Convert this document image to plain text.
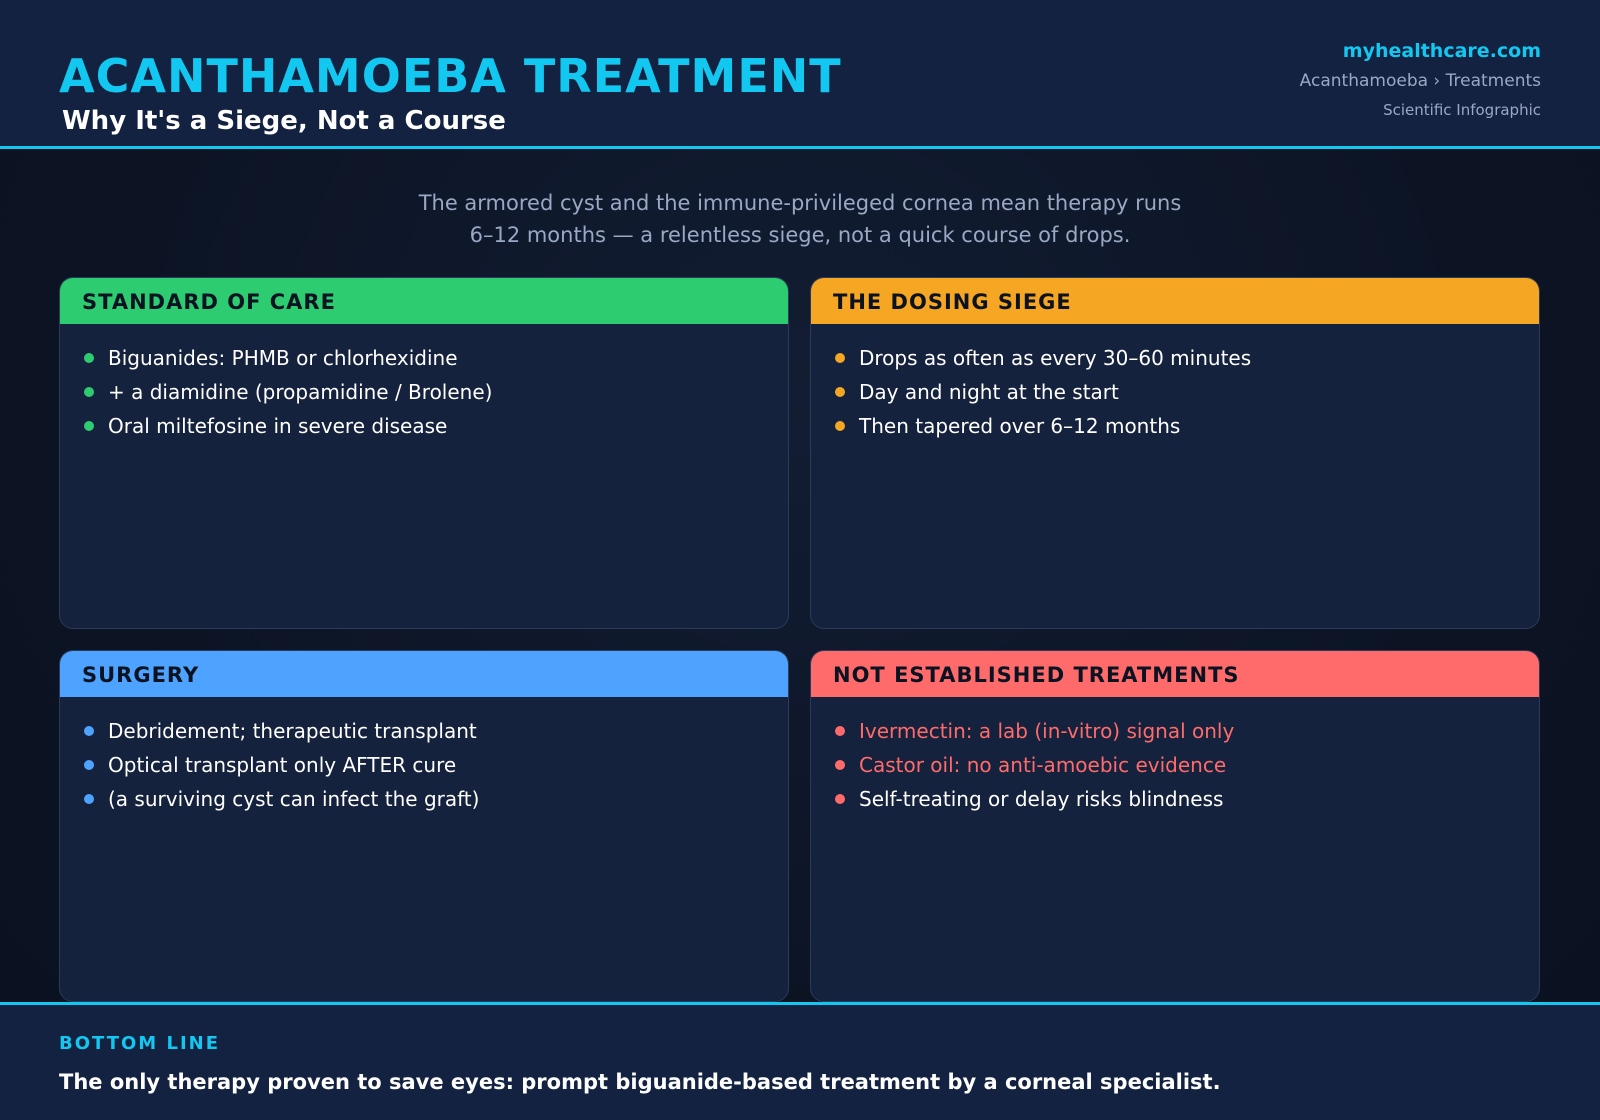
ACANTHAMOEBA TREATMENT
Why It's a Siege, Not a Course
myhealthcare.com
Acanthamoeba › Treatments
Scientific Infographic
The armored cyst and the immune-privileged cornea mean therapy runs
6–12 months — a relentless siege, not a quick course of drops.
STANDARD OF CARE
Biguanides: PHMB or chlorhexidine
+ a diamidine (propamidine / Brolene)
Oral miltefosine in severe disease
THE DOSING SIEGE
Drops as often as every 30–60 minutes
Day and night at the start
Then tapered over 6–12 months
SURGERY
Debridement; therapeutic transplant
Optical transplant only AFTER cure
(a surviving cyst can infect the graft)
NOT ESTABLISHED TREATMENTS
Ivermectin: a lab (in-vitro) signal only
Castor oil: no anti-amoebic evidence
Self-treating or delay risks blindness
BOTTOM LINE
The only therapy proven to save eyes: prompt biguanide-based treatment by a corneal specialist.
